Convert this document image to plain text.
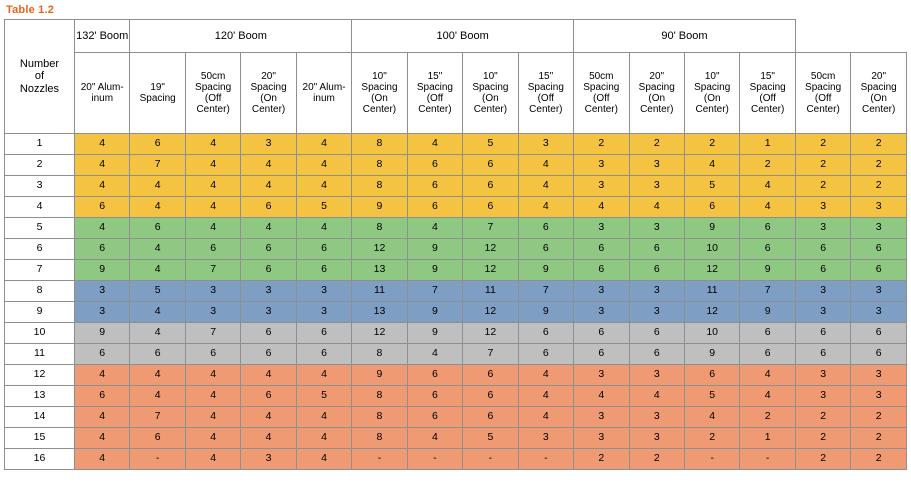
Table 1.2
Number
of
Nozzles	132' Boom	120' Boom				100' Boom				90' Boom					
	20" Alum-inum	19" Spacing	50cm Spacing (Off Center)	20" Spacing (On Center)	20" Alum-inum	10" Spacing (On Center)	15" Spacing (Off Center)	10" Spacing (On Center)	15" Spacing (Off Center)	50cm Spacing (Off Center)	20" Spacing (On Center)	10" Spacing (On Center)	15" Spacing (Off Center)	50cm Spacing (Off Center)	20" Spacing (On Center)
1	4	6	4	3	4	8	4	5	3	2	2	2	1	2	2
2	4	7	4	4	4	8	6	6	4	3	3	4	2	2	2
3	4	4	4	4	4	8	6	6	4	3	3	5	4	2	2
4	6	4	4	6	5	9	6	6	4	4	4	6	4	3	3
5	4	6	4	4	4	8	4	7	6	3	3	9	6	3	3
6	6	4	6	6	6	12	9	12	6	6	6	10	6	6	6
7	9	4	7	6	6	13	9	12	9	6	6	12	9	6	6
8	3	5	3	3	3	11	7	11	7	3	3	11	7	3	3
9	3	4	3	3	3	13	9	12	9	3	3	12	9	3	3
10	9	4	7	6	6	12	9	12	6	6	6	10	6	6	6
11	6	6	6	6	6	8	4	7	6	6	6	9	6	6	6
12	4	4	4	4	4	9	6	6	4	3	3	6	4	3	3
13	6	4	4	6	5	8	6	6	4	4	4	5	4	3	3
14	4	7	4	4	4	8	6	6	4	3	3	4	2	2	2
15	4	6	4	4	4	8	4	5	3	3	3	2	1	2	2
16	4	-	4	3	4	-	-	-	-	2	2	-	-	2	2
